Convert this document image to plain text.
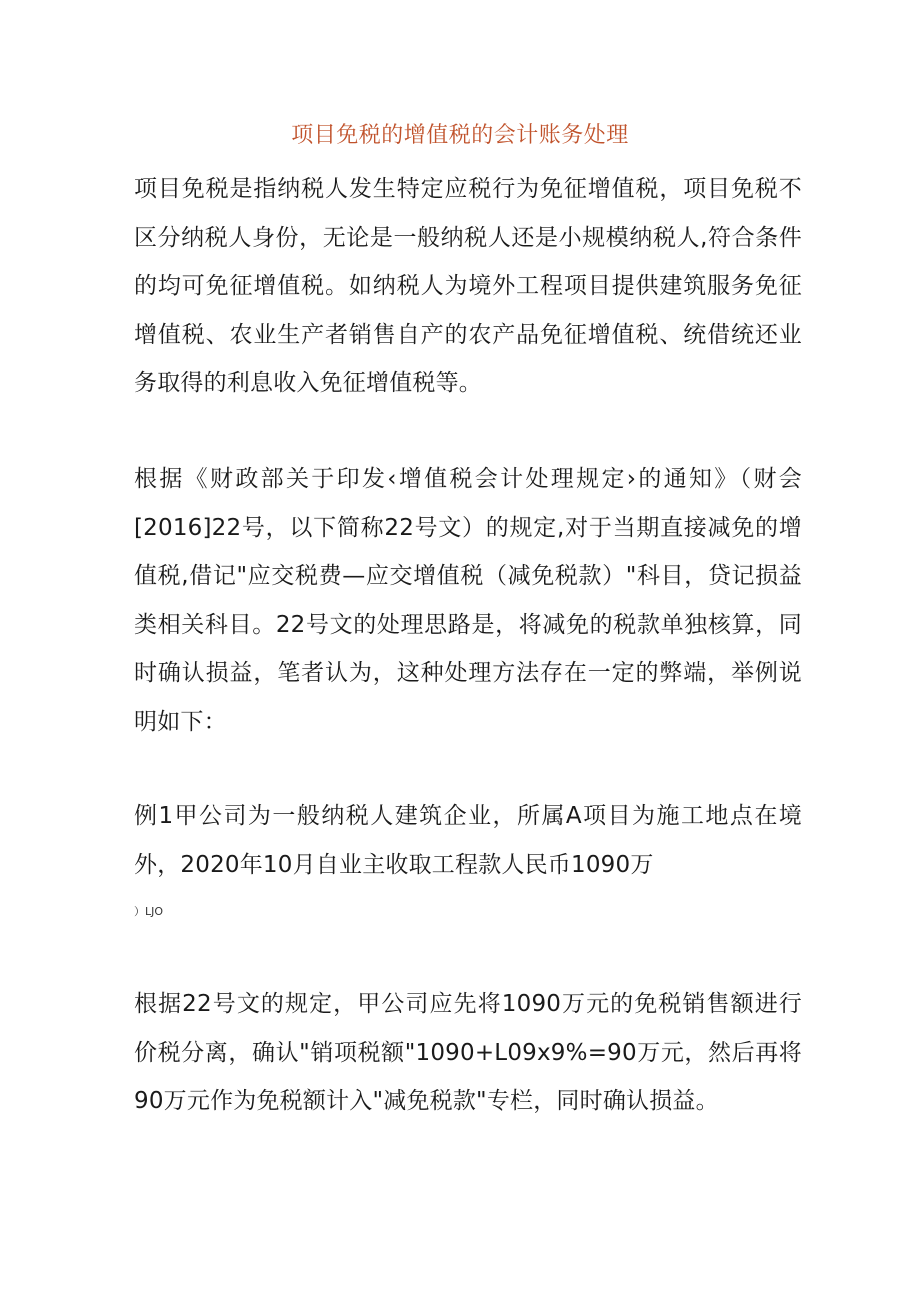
项目免税的增值税的会计账务处理
项目免税是指纳税人发生特定应税行为免征增值税，项目免税不区分纳税人身份，无论是一般纳税人还是小规模纳税人,符合条件的均可免征增值税。如纳税人为境外工程项目提供建筑服务免征增值税、农业生产者销售自产的农产品免征增值税、统借统还业务取得的利息收入免征增值税等。
根据《财政部关于印发‹增值税会计处理规定›的通知》（财会[2016]22号，以下简称22号文）的规定,对于当期直接减免的增值税,借记"应交税费—应交增值税（减免税款）"科目，贷记损益类相关科目。22号文的处理思路是，将减免的税款单独核算，同时确认损益，笔者认为，这种处理方法存在一定的弊端，举例说明如下：
例1甲公司为一般纳税人建筑企业，所属A项目为施工地点在境外，2020年10月自业主收取工程款人民币1090万
）LJO
根据22号文的规定，甲公司应先将1090万元的免税销售额进行价税分离，确认"销项税额"1090+L09x9%=90万元，然后再将90万元作为免税额计入"减免税款"专栏，同时确认损益。
